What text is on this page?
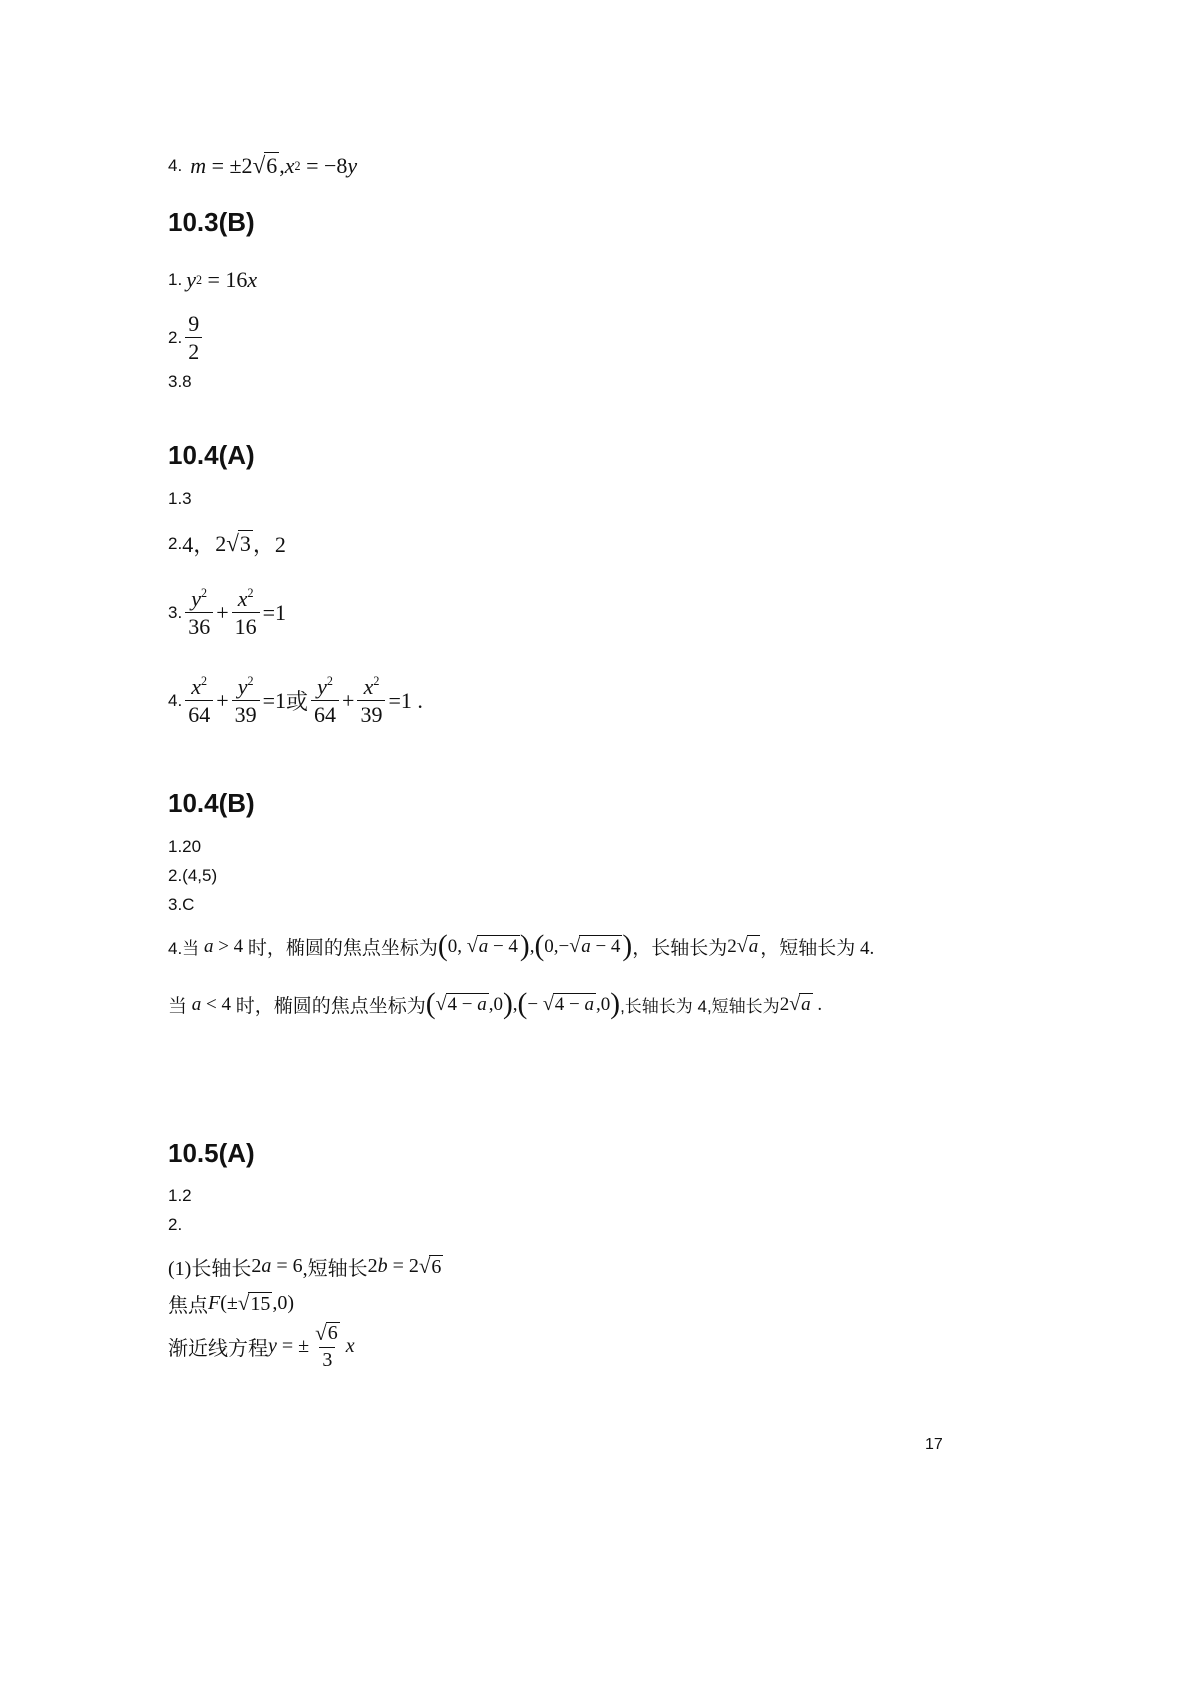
4. m = ±2 √ 6 , x 2 = −8 y
10.3(B)
1. y 2 = 16 x
2. $\frac{9}{2}$
3.8
10.4(A)
1.3
2. 4， 2 √ 3 ，2
3. $\frac{y^2}{36} + \frac{x^2}{16} =1$
4. $\frac{x^2}{64} + \frac{y^2}{39} =1$ 或 $\frac{y^2}{64} + \frac{x^2}{39} =1$ .
10.4(B)
1.20
2.(4,5)
3.C
4.当 a > 4 时，椭圆的焦点坐标为 ( 0, √ a − 4 ) , ( 0,− √ a − 4 ) ，长轴长为 2 √ a ，短轴长为 4.
当 a < 4 时，椭圆的焦点坐标为 ( √ 4 − a ,0 ) , ( − √ 4 − a ,0 ) ,长轴长为 4,短轴长为 2 √ a
.
10.5(A)
1.2
2.
(1)长轴长 2 a = 6 ,短轴长 2 b = 2 √ 6
焦点 F (± √ 15 ,0)
渐近线方程 y = ± $\frac{√ 6}{3}$ x
17
